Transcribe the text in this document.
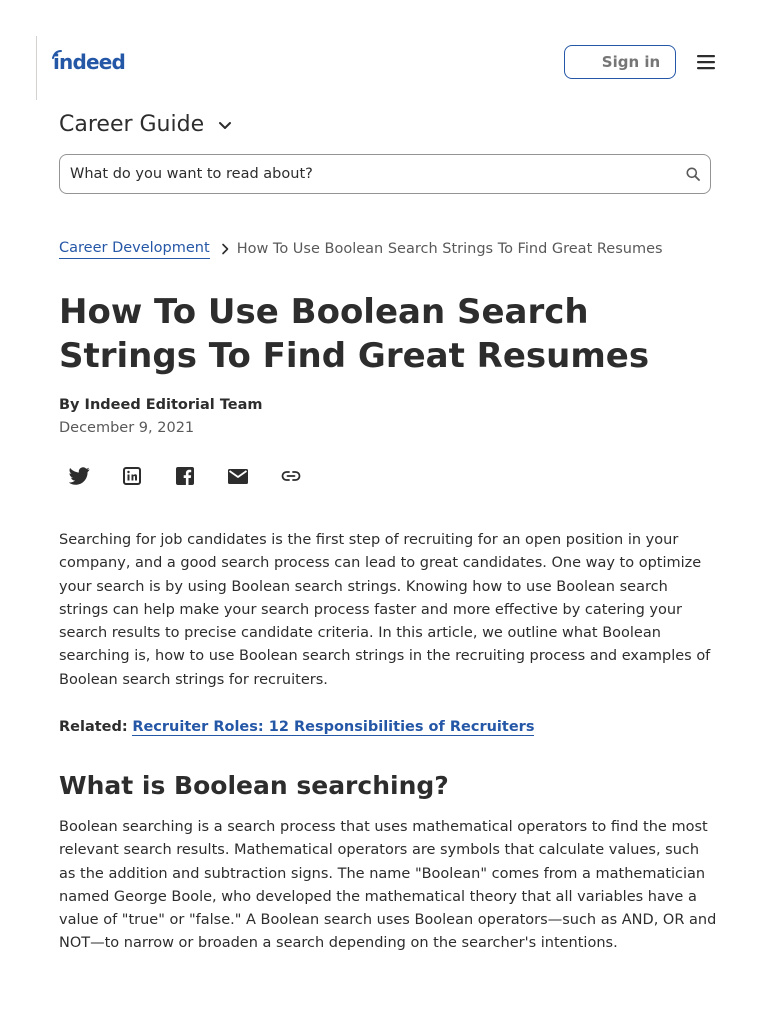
indeed	Sign in
Career Guide
What do you want to read about?
Career Development How To Use Boolean Search Strings To Find Great Resumes
How To Use Boolean Search Strings To Find Great Resumes
By Indeed Editorial Team
December 9, 2021

Searching for job candidates is the first step of recruiting for an open position in your company, and a good search process can lead to great candidates. One way to optimize your search is by using Boolean search strings. Knowing how to use Boolean search strings can help make your search process faster and more effective by catering your search results to precise candidate criteria. In this article, we outline what Boolean searching is, how to use Boolean search strings in the recruiting process and examples of Boolean search strings for recruiters.

Related: Recruiter Roles: 12 Responsibilities of Recruiters
What is Boolean searching?

Boolean searching is a search process that uses mathematical operators to find the most relevant search results. Mathematical operators are symbols that calculate values, such as the addition and subtraction signs. The name "Boolean" comes from a mathematician named George Boole, who developed the mathematical theory that all variables have a value of "true" or "false." A Boolean search uses Boolean operators—such as AND, OR and NOT—to narrow or broaden a search depending on the searcher's intentions.
